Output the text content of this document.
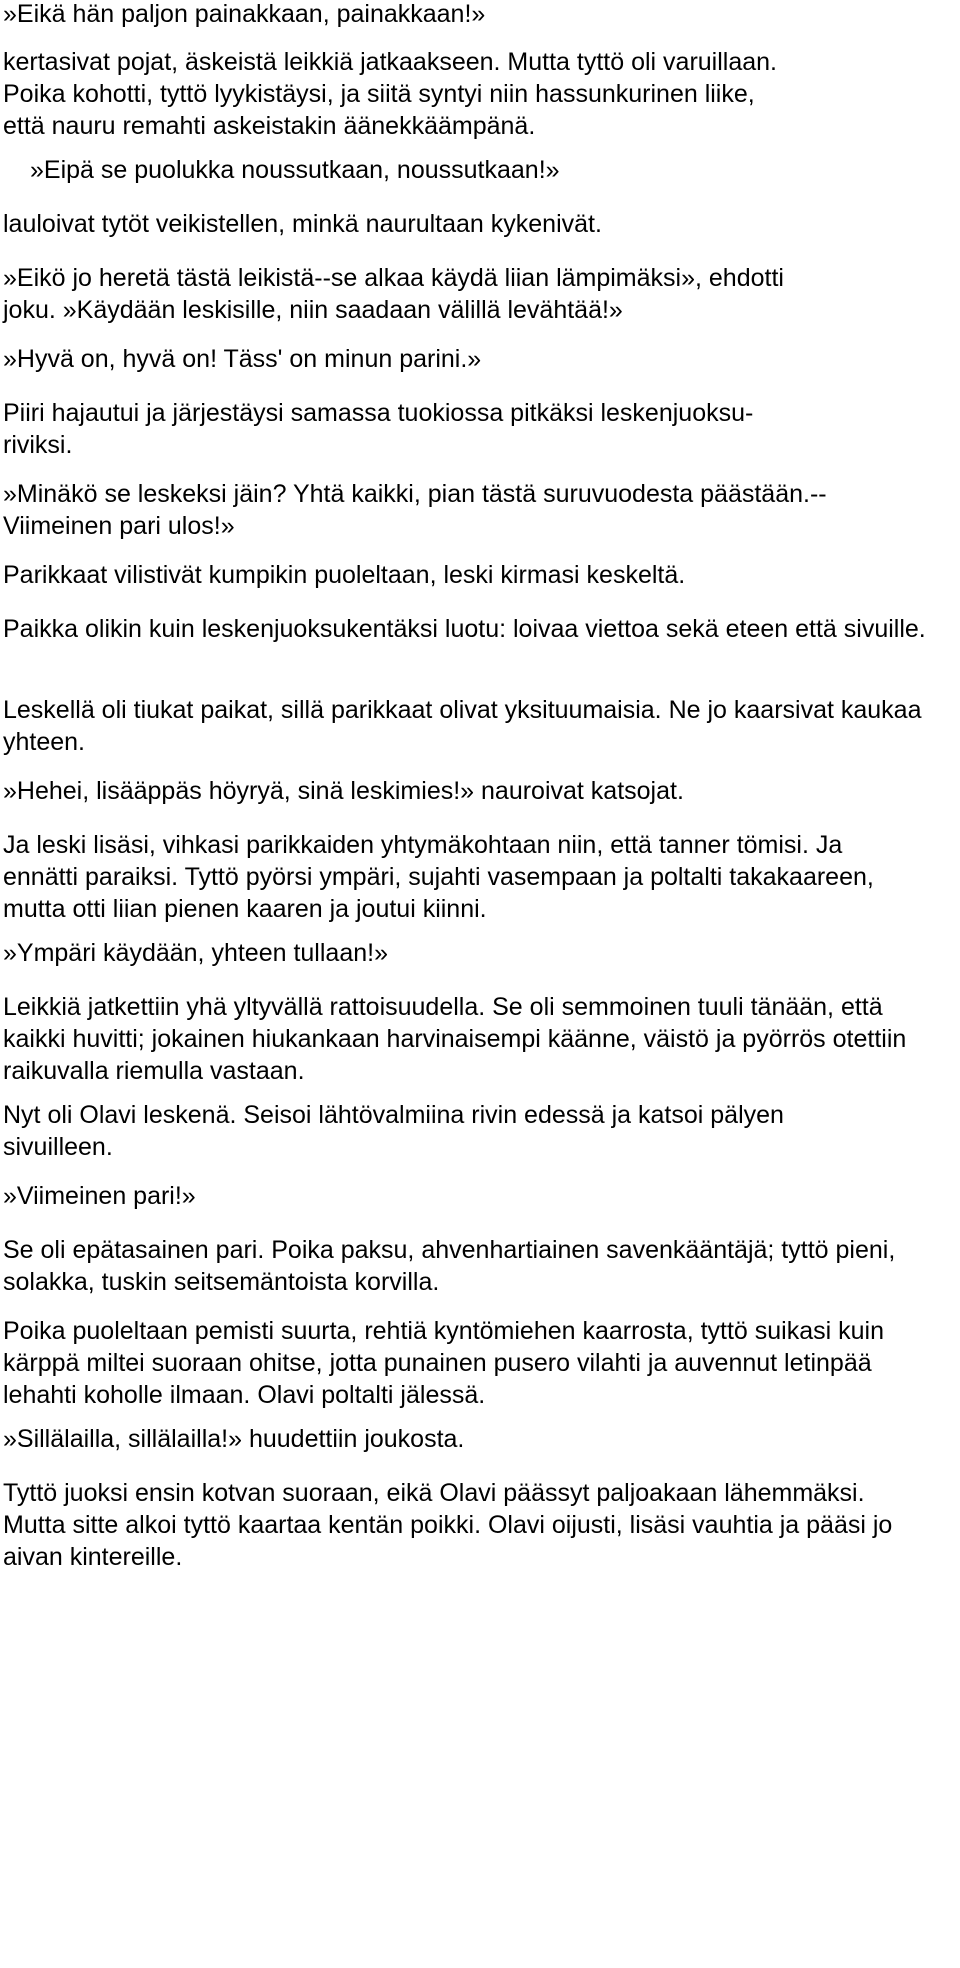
»Eikä hän paljon painakkaan, painakkaan!»

kertasivat pojat, äskeistä leikkiä jatkaakseen. Mutta tyttö oli varuillaan. Poika kohotti, tyttö lyykistäysi, ja siitä syntyi niin hassunkurinen liike, että nauru remahti askeistakin äänekkäämpänä.

»Eipä se puolukka noussutkaan, noussutkaan!»

lauloivat tytöt veikistellen, minkä naurultaan kykenivät.

»Eikö jo heretä tästä leikistä--se alkaa käydä liian lämpimäksi», ehdotti joku. »Käydään leskisille, niin saadaan välillä levähtää!»

»Hyvä on, hyvä on! Täss' on minun parini.»

Piiri hajautui ja järjestäysi samassa tuokiossa pitkäksi leskenjuoksu-riviksi.

»Minäkö se leskeksi jäin? Yhtä kaikki, pian tästä suruvuodesta päästään.--Viimeinen pari ulos!»

Parikkaat vilistivät kumpikin puoleltaan, leski kirmasi keskeltä.

Paikka olikin kuin leskenjuoksukentäksi luotu: loivaa viettoa sekä eteen että sivuille.

Leskellä oli tiukat paikat, sillä parikkaat olivat yksituumaisia. Ne jo kaarsivat kaukaa yhteen.

»Hehei, lisääppäs höyryä, sinä leskimies!» nauroivat katsojat.

Ja leski lisäsi, vihkasi parikkaiden yhtymäkohtaan niin, että tanner tömisi. Ja ennätti paraiksi. Tyttö pyörsi ympäri, sujahti vasempaan ja poltalti takakaareen, mutta otti liian pienen kaaren ja joutui kiinni.

»Ympäri käydään, yhteen tullaan!»

Leikkiä jatkettiin yhä yltyvällä rattoisuudella. Se oli semmoinen tuuli tänään, että kaikki huvitti; jokainen hiukankaan harvinaisempi käänne, väistö ja pyörrös otettiin raikuvalla riemulla vastaan.

Nyt oli Olavi leskenä. Seisoi lähtövalmiina rivin edessä ja katsoi pälyen sivuilleen.

»Viimeinen pari!»

Se oli epätasainen pari. Poika paksu, ahvenhartiainen savenkääntäjä; tyttö pieni, solakka, tuskin seitsemäntoista korvilla.

Poika puoleltaan pemisti suurta, rehtiä kyntömiehen kaarrosta, tyttö suikasi kuin kärppä miltei suoraan ohitse, jotta punainen pusero vilahti ja auvennut letinpää lehahti koholle ilmaan. Olavi poltalti jälessä.

»Sillälailla, sillälailla!» huudettiin joukosta.

Tyttö juoksi ensin kotvan suoraan, eikä Olavi päässyt paljoakaan lähemmäksi. Mutta sitte alkoi tyttö kaartaa kentän poikki. Olavi oijusti, lisäsi vauhtia ja pääsi jo aivan kintereille.
